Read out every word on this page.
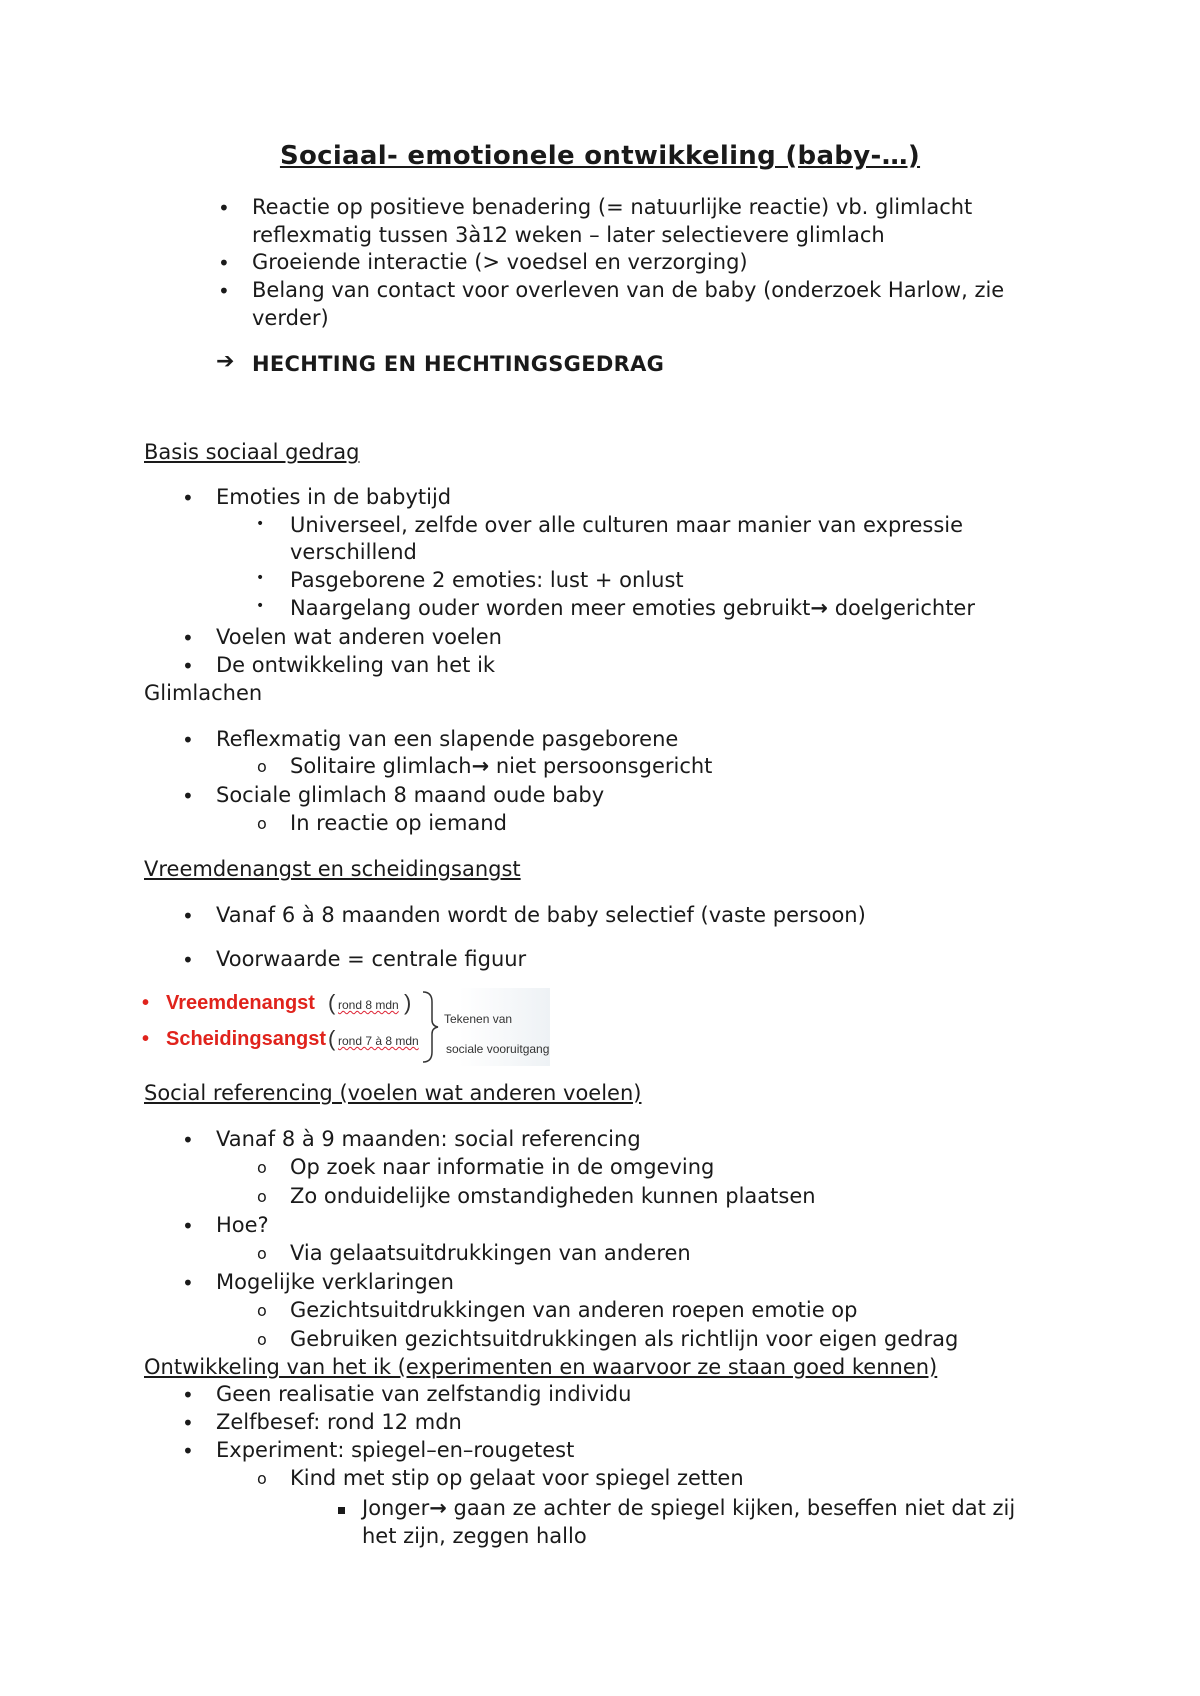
Sociaal- emotionele ontwikkeling (baby-…)
• Reactie op positieve benadering (= natuurlijke reactie) vb. glimlacht
reflexmatig tussen 3à12 weken – later selectievere glimlach
• Groeiende interactie (> voedsel en verzorging)
• Belang van contact voor overleven van de baby (onderzoek Harlow, zie
verder)
➔ HECHTING EN HECHTINGSGEDRAG
Basis sociaal gedrag
• Emoties in de babytijd
• Universeel, zelfde over alle culturen maar manier van expressie
verschillend
• Pasgeborene 2 emoties: lust + onlust
• Naargelang ouder worden meer emoties gebruikt→ doelgerichter
• Voelen wat anderen voelen
• De ontwikkeling van het ik
Glimlachen
• Reflexmatig van een slapende pasgeborene
o Solitaire glimlach→ niet persoonsgericht
• Sociale glimlach 8 maand oude baby
o In reactie op iemand
Vreemdenangst en scheidingsangst
• Vanaf 6 à 8 maanden wordt de baby selectief (vaste persoon)
• Voorwaarde = centrale figuur
• Vreemdenangst ( rond 8 mdn )
• Scheidingsangst ( rond 7 à 8 mdn
Tekenen van
sociale vooruitgang
Social referencing (voelen wat anderen voelen)
• Vanaf 8 à 9 maanden: social referencing
o Op zoek naar informatie in de omgeving
o Zo onduidelijke omstandigheden kunnen plaatsen
• Hoe?
o Via gelaatsuitdrukkingen van anderen
• Mogelijke verklaringen
o Gezichtsuitdrukkingen van anderen roepen emotie op
o Gebruiken gezichtsuitdrukkingen als richtlijn voor eigen gedrag
Ontwikkeling van het ik (experimenten en waarvoor ze staan goed kennen)
• Geen realisatie van zelfstandig individu
• Zelfbesef: rond 12 mdn
• Experiment: spiegel–en–rougetest
o Kind met stip op gelaat voor spiegel zetten
Jonger→ gaan ze achter de spiegel kijken, beseffen niet dat zij
het zijn, zeggen hallo
